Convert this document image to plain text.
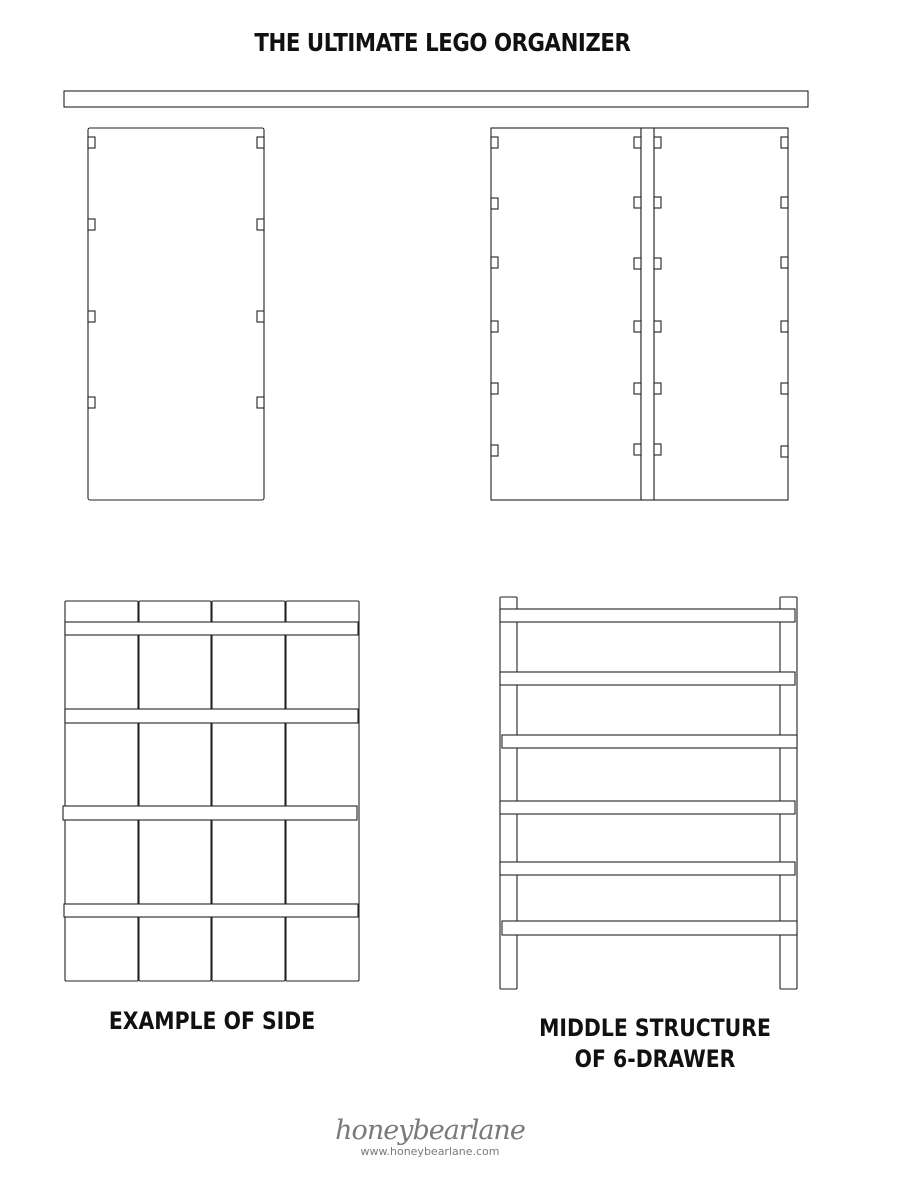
THE ULTIMATE LEGO ORGANIZER
EXAMPLE OF SIDE	MIDDLE STRUCTURE
OF 6-DRAWER
honeybearlane
www.honeybearlane.com
